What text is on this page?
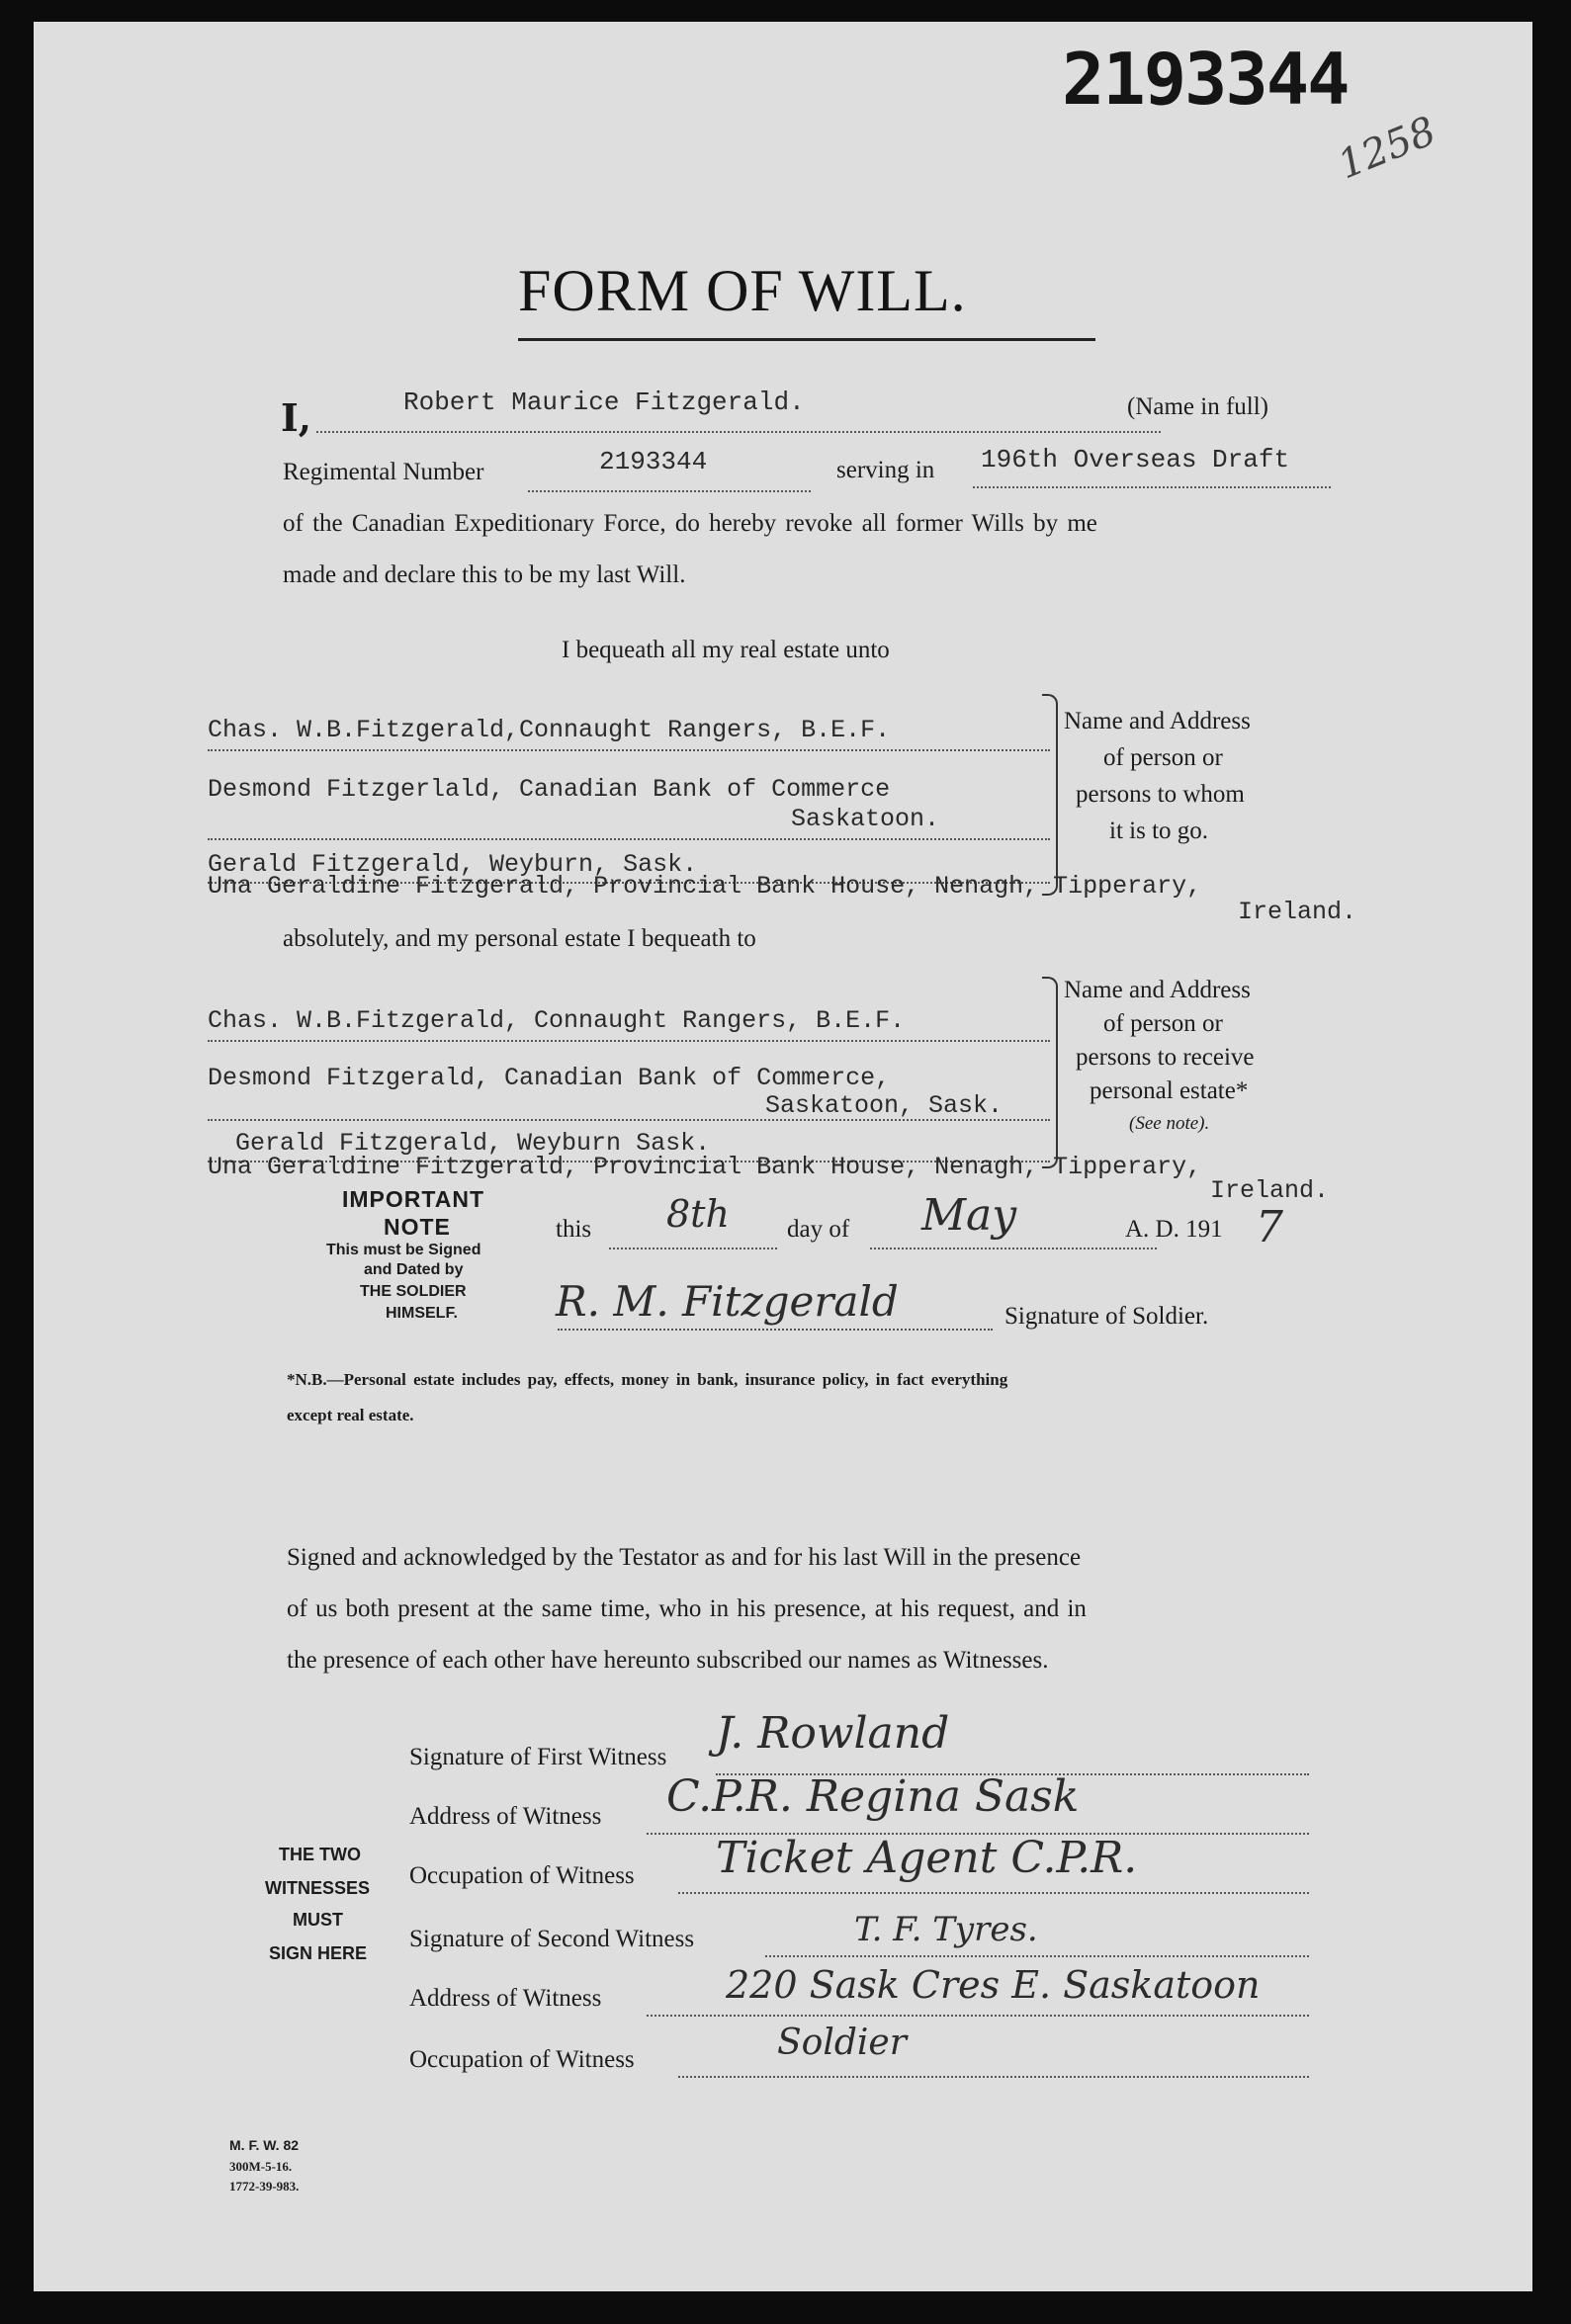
2193344
1258
FORM OF WILL.
I,	Robert Maurice Fitzgerald.	(Name in full)
Regimental Number	2193344	serving in 196th Overseas Draft
of the Canadian Expeditionary Force, do hereby revoke all former Wills by me
made and declare this to be my last Will.
I bequeath all my real estate unto
Chas. W.B.Fitzgerald,Connaught Rangers, B.E.F.
Desmond Fitzgerlald, Canadian Bank of Commerce
Saskatoon.
Gerald Fitzgerald, Weyburn, Sask.
Una Geraldine Fitzgerald, Provincial Bank House, Nenagh, Tipperary,
Ireland.
Name and Address
of person or
persons to whom
it is to go.
absolutely, and my personal estate I bequeath to
Chas. W.B.Fitzgerald, Connaught Rangers, B.E.F.
Desmond Fitzgerald, Canadian Bank of Commerce,
Saskatoon, Sask.
Gerald Fitzgerald, Weyburn Sask.
Una Geraldine Fitzgerald, Provincial Bank House, Nenagh, Tipperary,
Ireland.
Name and Address
of person or
persons to receive
personal estate*
(See note).
IMPORTANT
NOTE
This must be Signed
and Dated by
THE SOLDIER
HIMSELF.
this 8th day of May	A. D. 191 7
R. M. Fitzgerald	Signature of Soldier.
*N.B.—Personal estate includes pay, effects, money in bank, insurance policy, in fact everything
except real estate.
Signed and acknowledged by the Testator as and for his last Will in the presence
of us both present at the same time, who in his presence, at his request, and in
the presence of each other have hereunto subscribed our names as Witnesses.
THE TWO
WITNESSES
MUST
SIGN HERE
Signature of First Witness J. Rowland
Address of Witness C.P.R. Regina Sask
Occupation of Witness Ticket Agent C.P.R.
Signature of Second Witness	T. F. Tyres.
Address of Witness	220 Sask Cres E. Saskatoon
Occupation of Witness	Soldier
M. F. W. 82
300M-5-16.
1772-39-983.
